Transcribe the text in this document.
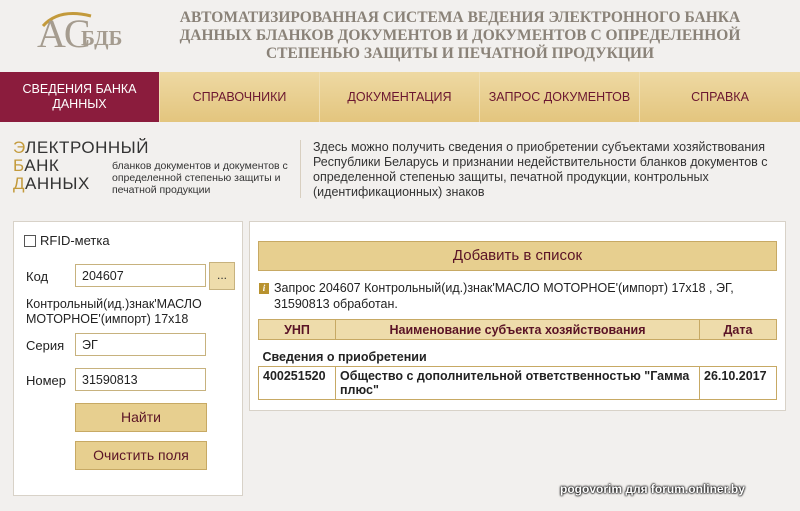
AC
БДБ
АВТОМАТИЗИРОВАННАЯ СИСТЕМА ВЕДЕНИЯ ЭЛЕКТРОННОГО БАНКА ДАННЫХ БЛАНКОВ ДОКУМЕНТОВ И ДОКУМЕНТОВ С ОПРЕДЕЛЕННОЙ СТЕПЕНЬЮ ЗАЩИТЫ И ПЕЧАТНОЙ ПРОДУКЦИИ
СВЕДЕНИЯ БАНКА ДАННЫХ
СПРАВОЧНИКИ	ДОКУМЕНТАЦИЯ	ЗАПРОС ДОКУМЕНТОВ	СПРАВКА
ЭЛЕКТРОННЫЙ
БАНК
ДАННЫХ
бланков документов и документов с определенной степенью защиты и печатной продукции
Здесь можно получить сведения о приобретении субъектами хозяйствования Республики Беларусь и признании недействительности бланков документов с определенной степенью защиты, печатной продукции, контрольных (идентификационных) знаков
RFID-метка
Код
204607	...
Контрольный(ид.)знак'МАСЛО МОТОРНОЕ'(импорт) 17x18
Серия
ЭГ
Номер
31590813
Найти
Очистить поля
Добавить в список
i Запрос 204607 Контрольный(ид.)знак'МАСЛО МОТОРНОЕ'(импорт) 17x18 , ЭГ, 31590813 обработан.
УНП	Наименование субъекта хозяйствования	Дата
Сведения о приобретении		
400251520	Общество с дополнительной ответственностью "Гамма плюс"	26.10.2017
pogovorim для forum.onliner.by
